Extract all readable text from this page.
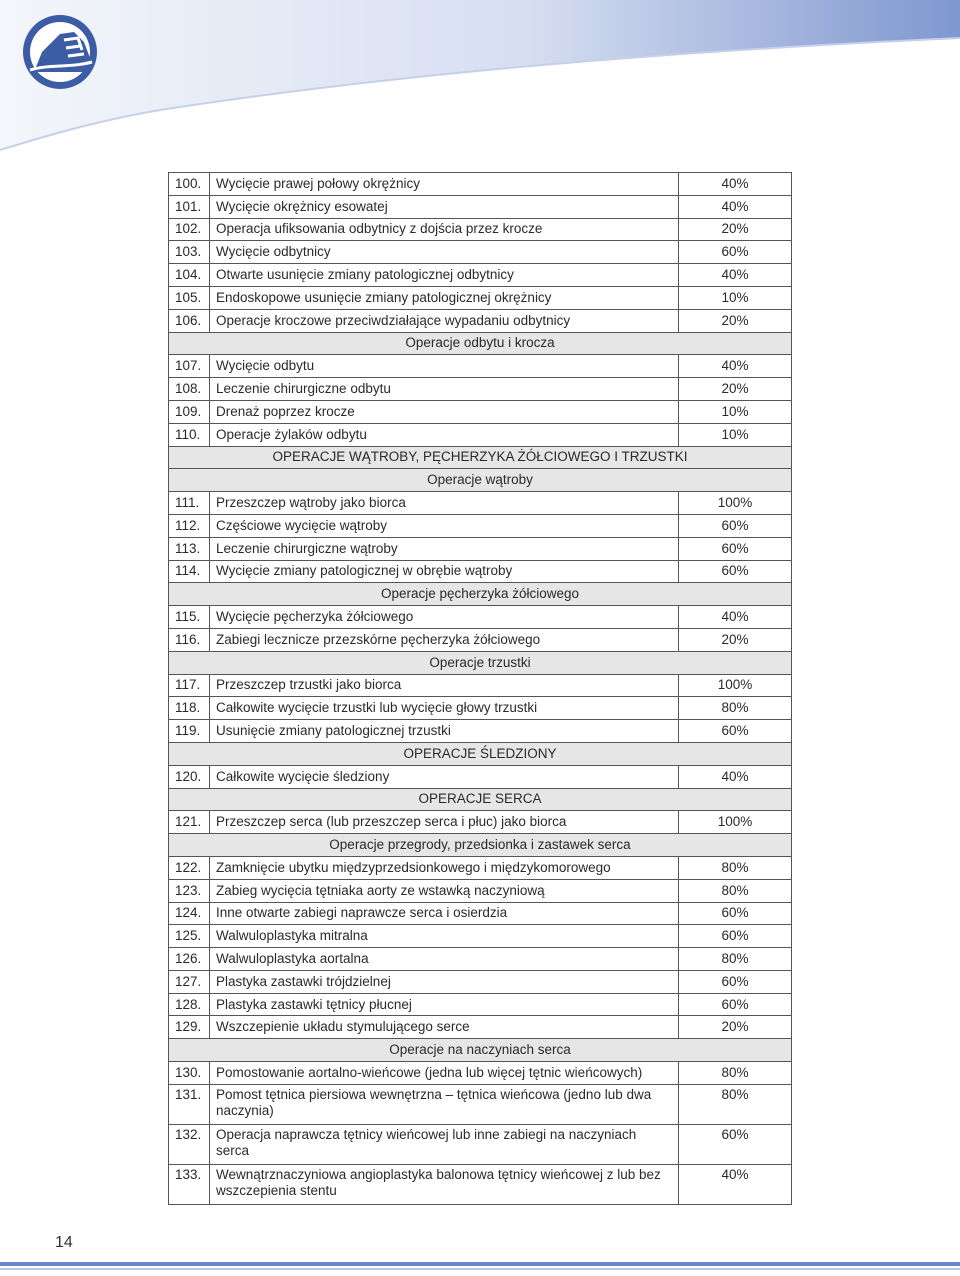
100.	Wycięcie prawej połowy okrężnicy	40%
101.	Wycięcie okrężnicy esowatej	40%
102.	Operacja ufiksowania odbytnicy z dojścia przez krocze	20%
103.	Wycięcie odbytnicy	60%
104.	Otwarte usunięcie zmiany patologicznej odbytnicy	40%
105.	Endoskopowe usunięcie zmiany patologicznej okrężnicy	10%
106.	Operacje kroczowe przeciwdziałające wypadaniu odbytnicy	20%
Operacje odbytu i krocza		
107.	Wycięcie odbytu	40%
108.	Leczenie chirurgiczne odbytu	20%
109.	Drenaż poprzez krocze	10%
110.	Operacje żylaków odbytu	10%
OPERACJE WĄTROBY, PĘCHERZYKA ŻÓŁCIOWEGO I TRZUSTKI		
Operacje wątroby		
111.	Przeszczep wątroby jako biorca	100%
112.	Częściowe wycięcie wątroby	60%
113.	Leczenie chirurgiczne wątroby	60%
114.	Wycięcie zmiany patologicznej w obrębie wątroby	60%
Operacje pęcherzyka żółciowego		
115.	Wycięcie pęcherzyka żółciowego	40%
116.	Zabiegi lecznicze przezskórne pęcherzyka żółciowego	20%
Operacje trzustki		
117.	Przeszczep trzustki jako biorca	100%
118.	Całkowite wycięcie trzustki lub wycięcie głowy trzustki	80%
119.	Usunięcie zmiany patologicznej trzustki	60%
OPERACJE ŚLEDZIONY		
120.	Całkowite wycięcie śledziony	40%
OPERACJE SERCA		
121.	Przeszczep serca (lub przeszczep serca i płuc) jako biorca	100%
Operacje przegrody, przedsionka i zastawek serca		
122.	Zamknięcie ubytku międzyprzedsionkowego i międzykomorowego	80%
123.	Zabieg wycięcia tętniaka aorty ze wstawką naczyniową	80%
124.	Inne otwarte zabiegi naprawcze serca i osierdzia	60%
125.	Walwuloplastyka mitralna	60%
126.	Walwuloplastyka aortalna	80%
127.	Plastyka zastawki trójdzielnej	60%
128.	Plastyka zastawki tętnicy płucnej	60%
129.	Wszczepienie układu stymulującego serce	20%
Operacje na naczyniach serca		
130.	Pomostowanie aortalno-wieńcowe (jedna lub więcej tętnic wieńcowych)	80%
131.	Pomost tętnica piersiowa wewnętrzna – tętnica wieńcowa (jedno lub dwa naczynia)	80%
132.	Operacja naprawcza tętnicy wieńcowej lub inne zabiegi na naczyniach serca	60%
133.	Wewnątrznaczyniowa angioplastyka balonowa tętnicy wieńcowej z lub bez wszczepienia stentu	40%
14
